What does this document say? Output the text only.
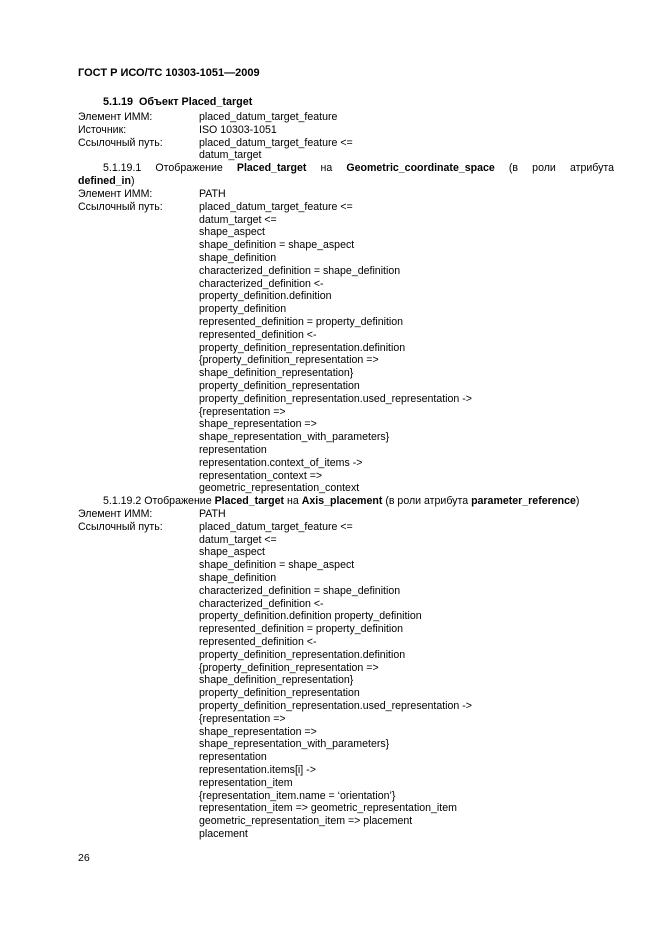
ГОСТ Р ИСО/ТС 10303-1051—2009
5.1.19 Объект Placed_target
Элемент ИММ:	placed_datum_target_feature
Источник:	ISO 10303-1051
Ссылочный путь:	placed_datum_target_feature <=
datum_target
5.1.19.1 Отображение Placed_target на Geometric_coordinate_space (в роли атрибута
defined_in)
Элемент ИММ:	PATH
Ссылочный путь:	placed_datum_target_feature <=
datum_target <=
shape_aspect
shape_definition = shape_aspect
shape_definition
characterized_definition = shape_definition
characterized_definition <-
property_definition.definition
property_definition
represented_definition = property_definition
represented_definition <-
property_definition_representation.definition
{property_definition_representation =>
shape_definition_representation}
property_definition_representation
property_definition_representation.used_representation ->
{representation =>
shape_representation =>
shape_representation_with_parameters}
representation
representation.context_of_items ->
representation_context =>
geometric_representation_context
5.1.19.2 Отображение Placed_target на Axis_placement (в роли атрибута parameter_reference)
Элемент ИММ:	PATH
Ссылочный путь:	placed_datum_target_feature <=
datum_target <=
shape_aspect
shape_definition = shape_aspect
shape_definition
characterized_definition = shape_definition
characterized_definition <-
property_definition.definition property_definition
represented_definition = property_definition
represented_definition <-
property_definition_representation.definition
{property_definition_representation =>
shape_definition_representation}
property_definition_representation
property_definition_representation.used_representation ->
{representation =>
shape_representation =>
shape_representation_with_parameters}
representation
representation.items[i] ->
representation_item
{representation_item.name = ‘orientation’}
representation_item => geometric_representation_item
geometric_representation_item => placement
placement
26
